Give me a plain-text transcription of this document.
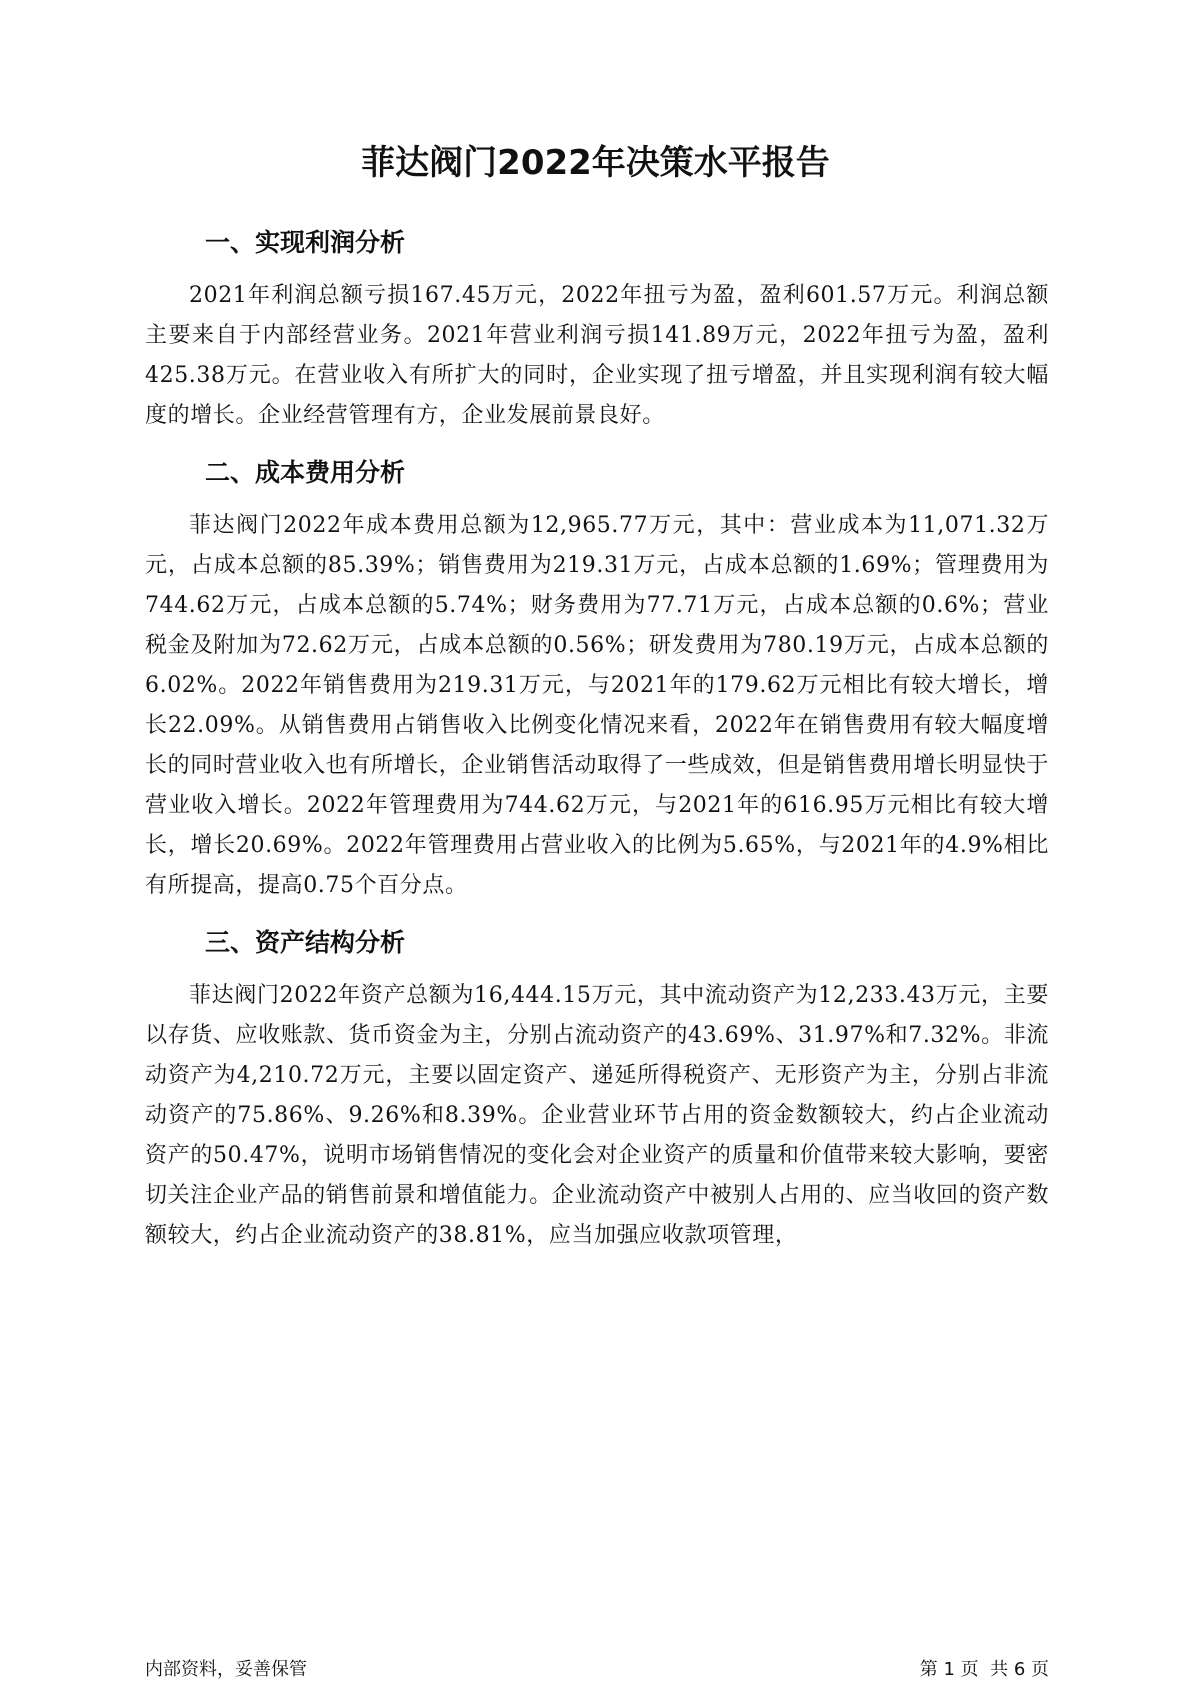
菲达阀门2022年决策水平报告
一、实现利润分析

2021年利润总额亏损167.45万元，2022年扭亏为盈，盈利601.57万元。利润总额主要来自于内部经营业务。2021年营业利润亏损141.89万元，2022年扭亏为盈，盈利425.38万元。在营业收入有所扩大的同时，企业实现了扭亏增盈，并且实现利润有较大幅度的增长。企业经营管理有方，企业发展前景良好。

二、成本费用分析

菲达阀门2022年成本费用总额为12,965.77万元，其中：营业成本为11,071.32万元，占成本总额的85.39%；销售费用为219.31万元，占成本总额的1.69%；管理费用为744.62万元，占成本总额的5.74%；财务费用为77.71万元，占成本总额的0.6%；营业税金及附加为72.62万元，占成本总额的0.56%；研发费用为780.19万元，占成本总额的6.02%。2022年销售费用为219.31万元，与2021年的179.62万元相比有较大增长，增长22.09%。从销售费用占销售收入比例变化情况来看，2022年在销售费用有较大幅度增长的同时营业收入也有所增长，企业销售活动取得了一些成效，但是销售费用增长明显快于营业收入增长。2022年管理费用为744.62万元，与2021年的616.95万元相比有较大增长，增长20.69%。2022年管理费用占营业收入的比例为5.65%，与2021年的4.9%相比有所提高，提高0.75个百分点。

三、资产结构分析

菲达阀门2022年资产总额为16,444.15万元，其中流动资产为12,233.43万元，主要以存货、应收账款、货币资金为主，分别占流动资产的43.69%、31.97%和7.32%。非流动资产为4,210.72万元，主要以固定资产、递延所得税资产、无形资产为主，分别占非流动资产的75.86%、9.26%和8.39%。企业营业环节占用的资金数额较大，约占企业流动资产的50.47%，说明市场销售情况的变化会对企业资产的质量和价值带来较大影响，要密切关注企业产品的销售前景和增值能力。企业流动资产中被别人占用的、应当收回的资产数额较大，约占企业流动资产的38.81%，应当加强应收款项管理，

内部资料，妥善保管	第 1 页  共 6 页
